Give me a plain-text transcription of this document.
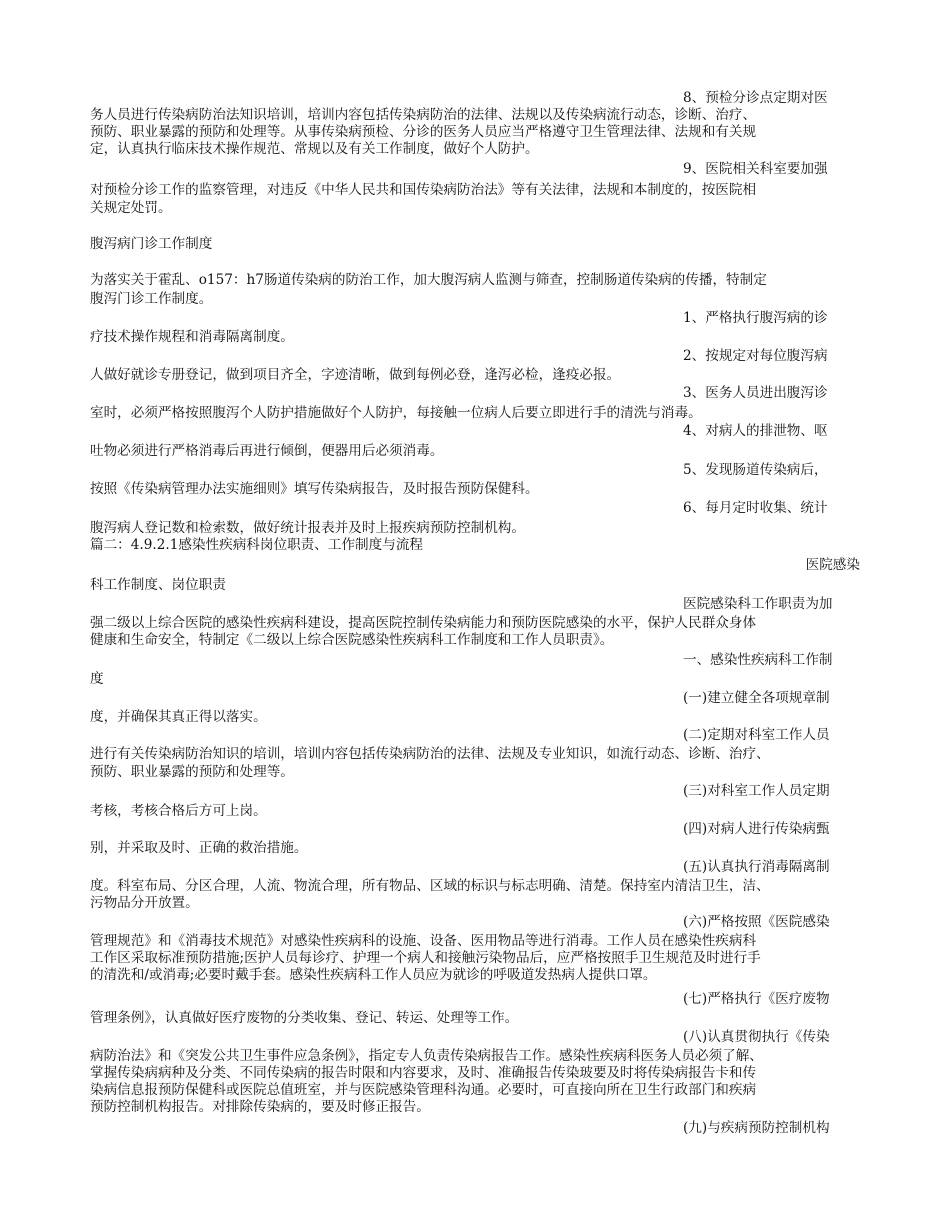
8、预检分诊点定期对医
务人员进行传染病防治法知识培训，培训内容包括传染病防治的法律、法规以及传染病流行动态，诊断、治疗、
预防、职业暴露的预防和处理等。从事传染病预检、分诊的医务人员应当严格遵守卫生管理法律、法规和有关规
定，认真执行临床技术操作规范、常规以及有关工作制度，做好个人防护。
9、医院相关科室要加强
对预检分诊工作的监察管理，对违反《中华人民共和国传染病防治法》等有关法律，法规和本制度的，按医院相
关规定处罚。
腹泻病门诊工作制度
为落实关于霍乱、o157：h7肠道传染病的防治工作，加大腹泻病人监测与筛查，控制肠道传染病的传播，特制定
腹泻门诊工作制度。
1、严格执行腹泻病的诊
疗技术操作规程和消毒隔离制度。
2、按规定对每位腹泻病
人做好就诊专册登记，做到项目齐全，字迹清晰，做到每例必登，逢泻必检，逢疫必报。
3、医务人员进出腹泻诊
室时，必须严格按照腹泻个人防护措施做好个人防护，每接触一位病人后要立即进行手的清洗与消毒。
4、对病人的排泄物、呕
吐物必须进行严格消毒后再进行倾倒，便器用后必须消毒。
5、发现肠道传染病后，
按照《传染病管理办法实施细则》填写传染病报告，及时报告预防保健科。
6、每月定时收集、统计
腹泻病人登记数和检索数，做好统计报表并及时上报疾病预防控制机构。
篇二：4.9.2.1感染性疾病科岗位职责、工作制度与流程
医院感染
科工作制度、岗位职责
医院感染科工作职责为加
强二级以上综合医院的感染性疾病科建设，提高医院控制传染病能力和预防医院感染的水平，保护人民群众身体
健康和生命安全，特制定《二级以上综合医院感染性疾病科工作制度和工作人员职责》。
一、感染性疾病科工作制
度
(一)建立健全各项规章制
度，并确保其真正得以落实。
(二)定期对科室工作人员
进行有关传染病防治知识的培训，培训内容包括传染病防治的法律、法规及专业知识，如流行动态、诊断、治疗、
预防、职业暴露的预防和处理等。
(三)对科室工作人员定期
考核，考核合格后方可上岗。
(四)对病人进行传染病甄
别，并采取及时、正确的救治措施。
(五)认真执行消毒隔离制
度。科室布局、分区合理，人流、物流合理，所有物品、区域的标识与标志明确、清楚。保持室内清洁卫生，洁、
污物品分开放置。
(六)严格按照《医院感染
管理规范》和《消毒技术规范》对感染性疾病科的设施、设备、医用物品等进行消毒。工作人员在感染性疾病科
工作区采取标准预防措施;医护人员每诊疗、护理一个病人和接触污染物品后，应严格按照手卫生规范及时进行手
的清洗和/或消毒;必要时戴手套。感染性疾病科工作人员应为就诊的呼吸道发热病人提供口罩。
(七)严格执行《医疗废物
管理条例》，认真做好医疗废物的分类收集、登记、转运、处理等工作。
(八)认真贯彻执行《传染
病防治法》和《突发公共卫生事件应急条例》，指定专人负责传染病报告工作。感染性疾病科医务人员必须了解、
掌握传染病病种及分类、不同传染病的报告时限和内容要求，及时、准确报告传染玻要及时将传染病报告卡和传
染病信息报预防保健科或医院总值班室，并与医院感染管理科沟通。必要时，可直接向所在卫生行政部门和疾病
预防控制机构报告。对排除传染病的，要及时修正报告。
(九)与疾病预防控制机构
